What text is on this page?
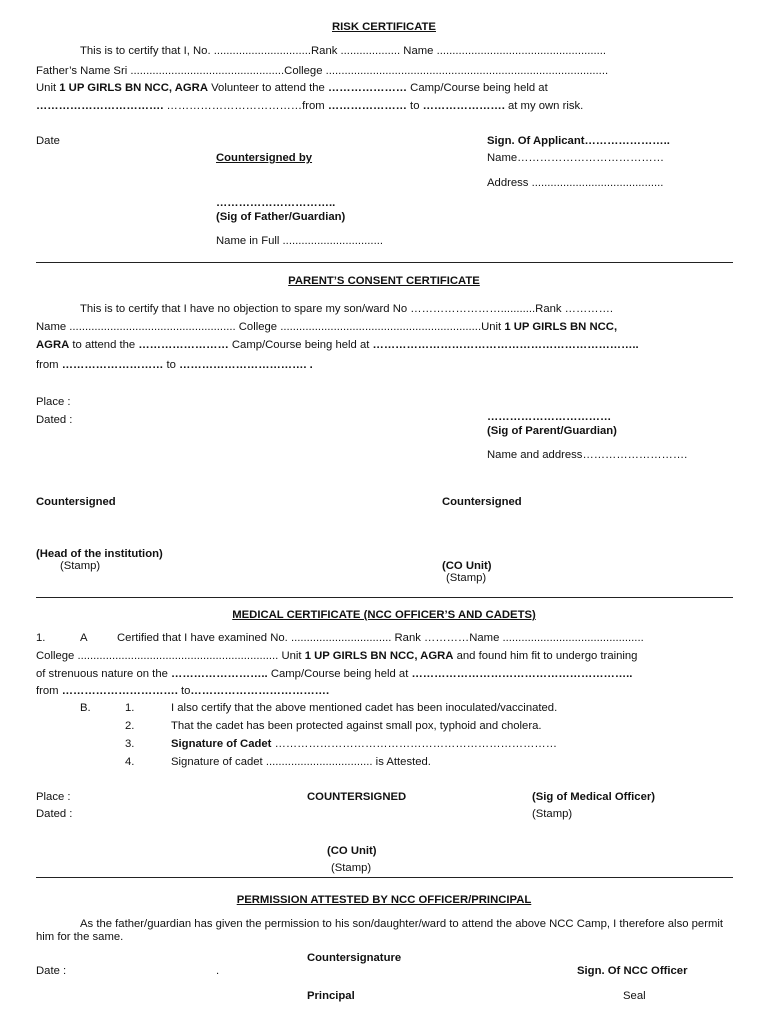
RISK CERTIFICATE
This is to certify that I, No. ...............................Rank ................... Name ......................................................
Father’s Name Sri .................................................College ..........................................................................................
Unit 1 UP GIRLS BN NCC, AGRA Volunteer to attend the ………………… Camp/Course being held at
……………………………. ………………………………from ………………… to …………………. at my own risk.
Date	Sign. Of Applicant…………………..
Countersigned by	Name…………………………………
Address ..........................................
…………………………..
(Sig of Father/Guardian)
Name in Full ................................
PARENT’S CONSENT CERTIFICATE
This is to certify that I have no objection to spare my son/ward No ……………………...........Rank ………….
Name ..................................................... College ................................................................Unit 1 UP GIRLS BN NCC,
AGRA to attend the …………………… Camp/Course being held at ……………………………………………………………..
from ……………………… to ……………………………. .
Place :
Dated :	……………………………
(Sig of Parent/Guardian)
Name and address……………………….
Countersigned	Countersigned
(Head of the institution)
(Stamp)	(CO Unit)
(Stamp)
MEDICAL CERTIFICATE (NCC OFFICER’S AND CADETS)
1.	A	Certified that I have examined No. ................................ Rank …………Name .............................................
College ................................................................ Unit 1 UP GIRLS BN NCC, AGRA and found him fit to undergo training
of strenuous nature on the …………………….. Camp/Course being held at …………………………………………………..
from …………………………. to……………………………….
B.	1.	I also certify that the above mentioned cadet has been inoculated/vaccinated.
2.	That the cadet has been protected against small pox, typhoid and cholera.
3.	Signature of Cadet …………………………………………………………………
4.	Signature of cadet .................................. is Attested.
Place :
Dated :
COUNTERSIGNED	(Sig of Medical Officer)
(Stamp)
(CO Unit)
(Stamp)
PERMISSION ATTESTED BY NCC OFFICER/PRINCIPAL
As the father/guardian has given the permission to his son/daughter/ward to attend the above NCC Camp, I therefore also permit him for the same.
Countersignature
Date :	.	Sign. Of NCC Officer
Principal	Seal
